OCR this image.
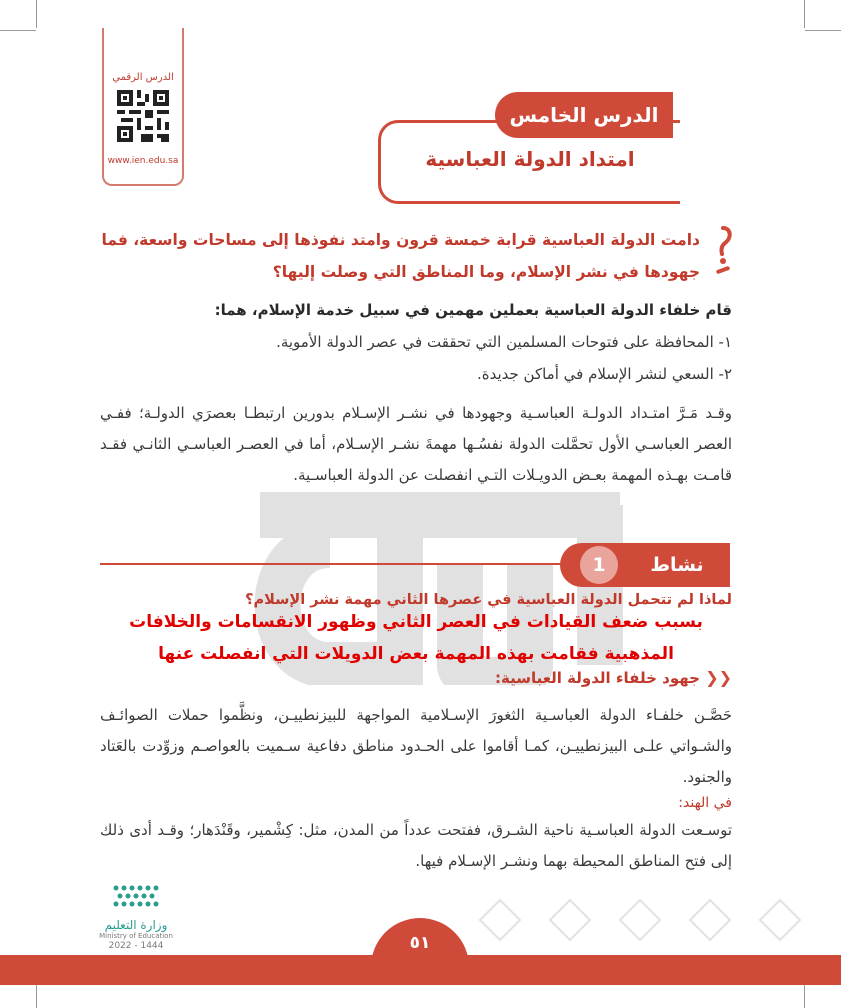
الدرس الرقمي
www.ien.edu.sa
الدرس الخامس
امتداد الدولة العباسية
دامت الدولة العباسية قرابة خمسة قرون وامتد نفوذها إلى مساحات واسعة، فما
جهودها في نشر الإسلام، وما المناطق التي وصلت إليها؟
قام خلفاء الدولة العباسية بعملين مهمين في سبيل خدمة الإسلام، هما:
١- المحافظة على فتوحات المسلمين التي تحققت في عصر الدولة الأموية.
٢- السعي لنشر الإسلام في أماكن جديدة.
وقـد مَـرَّ امتـداد الدولـة العباسـية وجهودها في نشـر الإسـلام بدورين ارتبطـا بعصرَي الدولـة؛ ففـي العصر العباسـي الأول تحمَّلت الدولة نفسُـها مهمةَ نشـر الإسـلام، أما في العصـر العباسـي الثانـي فقـد قامـت بهـذه المهمة بعـض الدويـلات التـي انفصلت عن الدولة العباسـية.
1	نشاط
لماذا لم تتحمل الدولة العباسية في عصرها الثاني مهمة نشر الإسلام؟
بسبب ضعف القيادات في العصر الثاني وظهور الانقسامات والخلافات
المذهبية فقامت بهذه المهمة بعض الدويلات التي انفصلت عنها
❮❮ جهود خلفاء الدولة العباسية:
حَصَّـن خلفـاء الدولة العباسـية الثغورَ الإسـلامية المواجهة للبيزنطييـن، ونظَّموا حملات الصوائـف والشـواتي علـى البيزنطييـن، كمـا أقاموا على الحـدود مناطق دفاعية سـميت بالعواصـم وزوِّدت بالعَتاد والجنود.
في الهند:
توسـعت الدولة العباسـية ناحية الشـرق، ففتحت عدداً من المدن، مثل: كِشْمير، وقَنْدَهار؛ وقـد أدى ذلك إلى فتح المناطق المحيطة بهما ونشـر الإسـلام فيها.
٥١
وزارة التعليم
Ministry of Education
2022 - 1444
